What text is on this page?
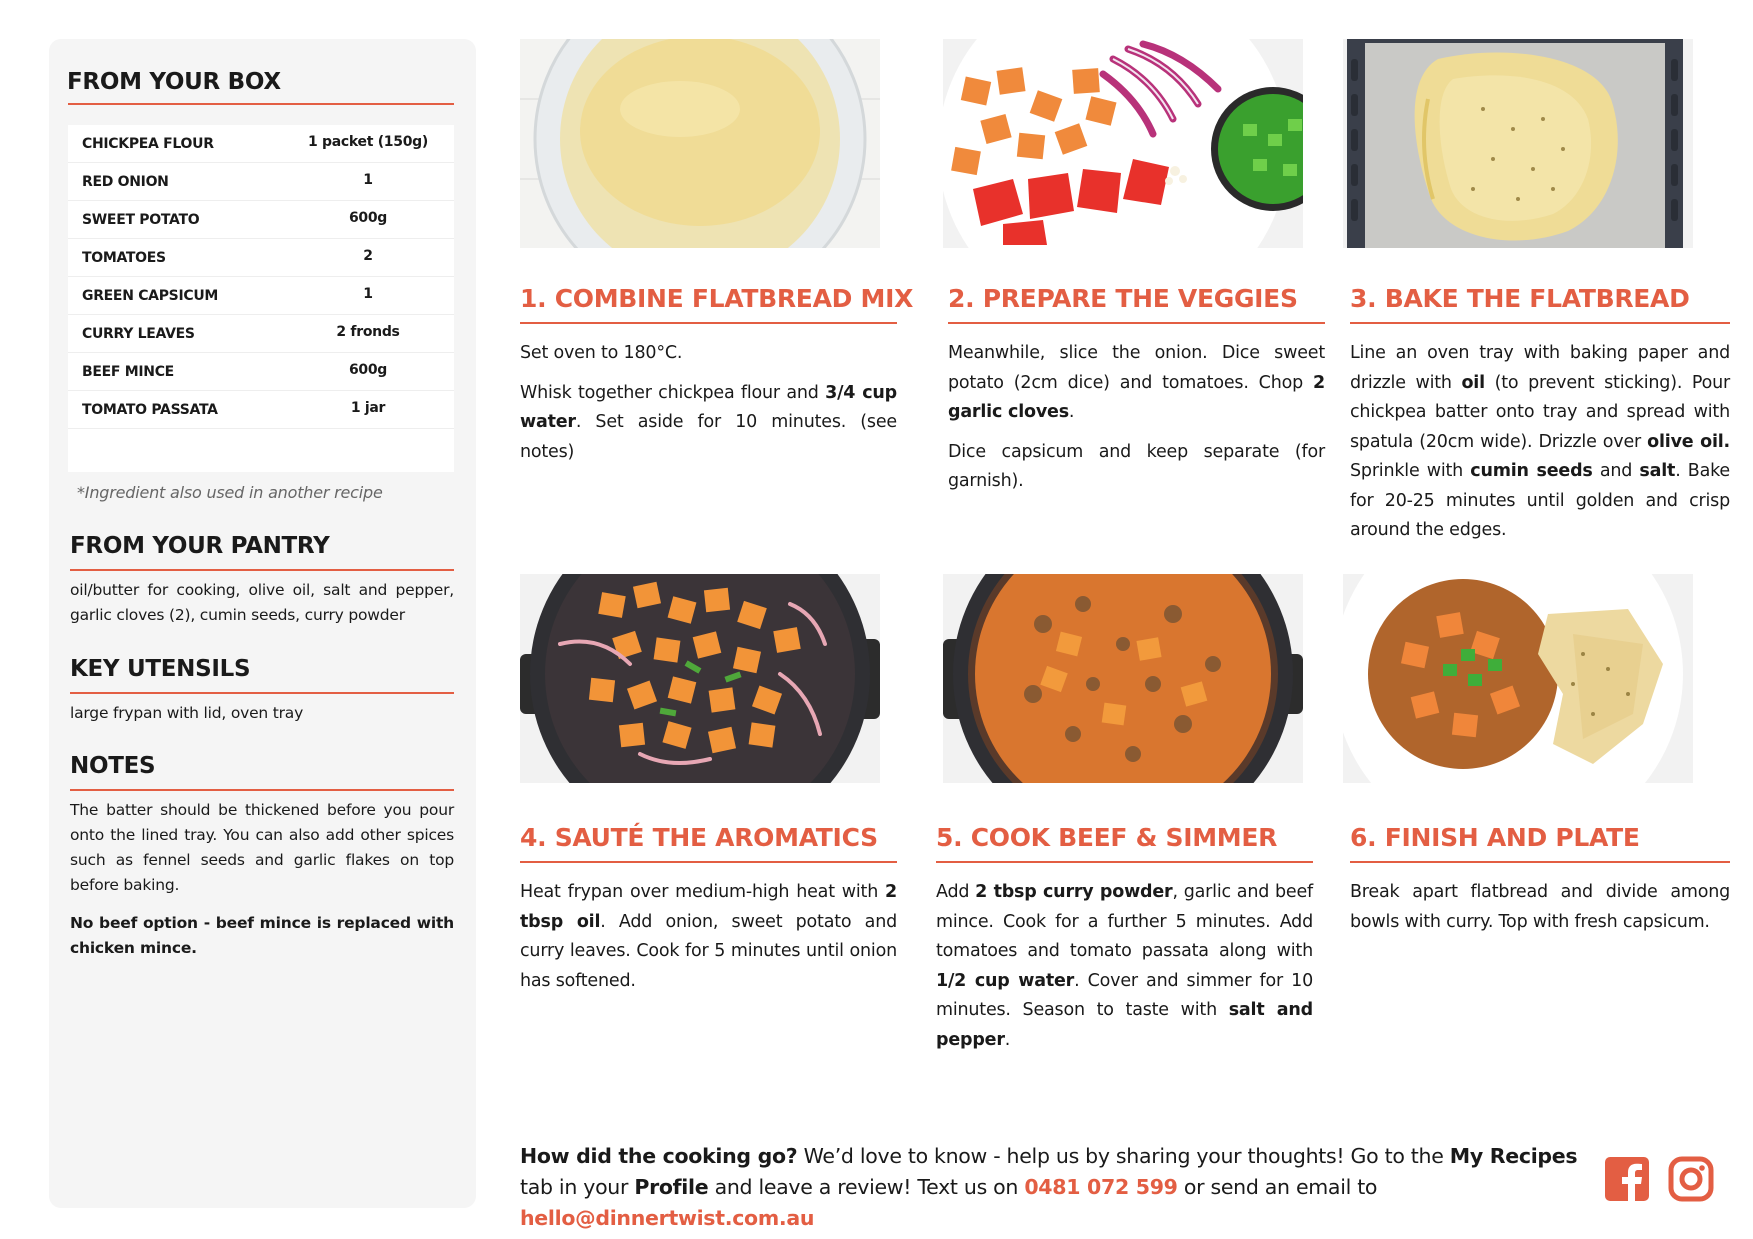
FROM YOUR BOX
CHICKPEA FLOUR	1 packet (150g)
RED ONION	1
SWEET POTATO	600g
TOMATOES	2
GREEN CAPSICUM	1
CURRY LEAVES	2 fronds
BEEF MINCE	600g
TOMATO PASSATA	1 jar
*Ingredient also used in another recipe
FROM YOUR PANTRY
oil/butter for cooking, olive oil, salt and pepper, garlic cloves (2), cumin seeds, curry powder
KEY UTENSILS
large frypan with lid, oven tray
NOTES
The batter should be thickened before you pour onto the lined tray. You can also add other spices such as fennel seeds and garlic flakes on top before baking.
No beef option - beef mince is replaced with chicken mince.
1. COMBINE FLATBREAD MIX

Set oven to 180°C.

Whisk together chickpea flour and 3/4 cup water. Set aside for 10 minutes. (see notes)

2. PREPARE THE VEGGIES

Meanwhile, slice the onion. Dice sweet potato (2cm dice) and tomatoes. Chop 2 garlic cloves.

Dice capsicum and keep separate (for garnish).

3. BAKE THE FLATBREAD

Line an oven tray with baking paper and drizzle with oil (to prevent sticking). Pour chickpea batter onto tray and spread with spatula (20cm wide). Drizzle over olive oil. Sprinkle with cumin seeds and salt. Bake for 20-25 minutes until golden and crisp around the edges.

4. SAUTÉ THE AROMATICS

Heat frypan over medium-high heat with 2 tbsp oil. Add onion, sweet potato and curry leaves. Cook for 5 minutes until onion has softened.

5. COOK BEEF & SIMMER

Add 2 tbsp curry powder, garlic and beef mince. Cook for a further 5 minutes. Add tomatoes and tomato passata along with 1/2 cup water. Cover and simmer for 10 minutes. Season to taste with salt and pepper.

6. FINISH AND PLATE

Break apart flatbread and divide among bowls with curry. Top with fresh capsicum.

How did the cooking go? We’d love to know - help us by sharing your thoughts! Go to the My Recipes tab in your Profile and leave a review! Text us on 0481 072 599 or send an email to hello@dinnertwist.com.au
